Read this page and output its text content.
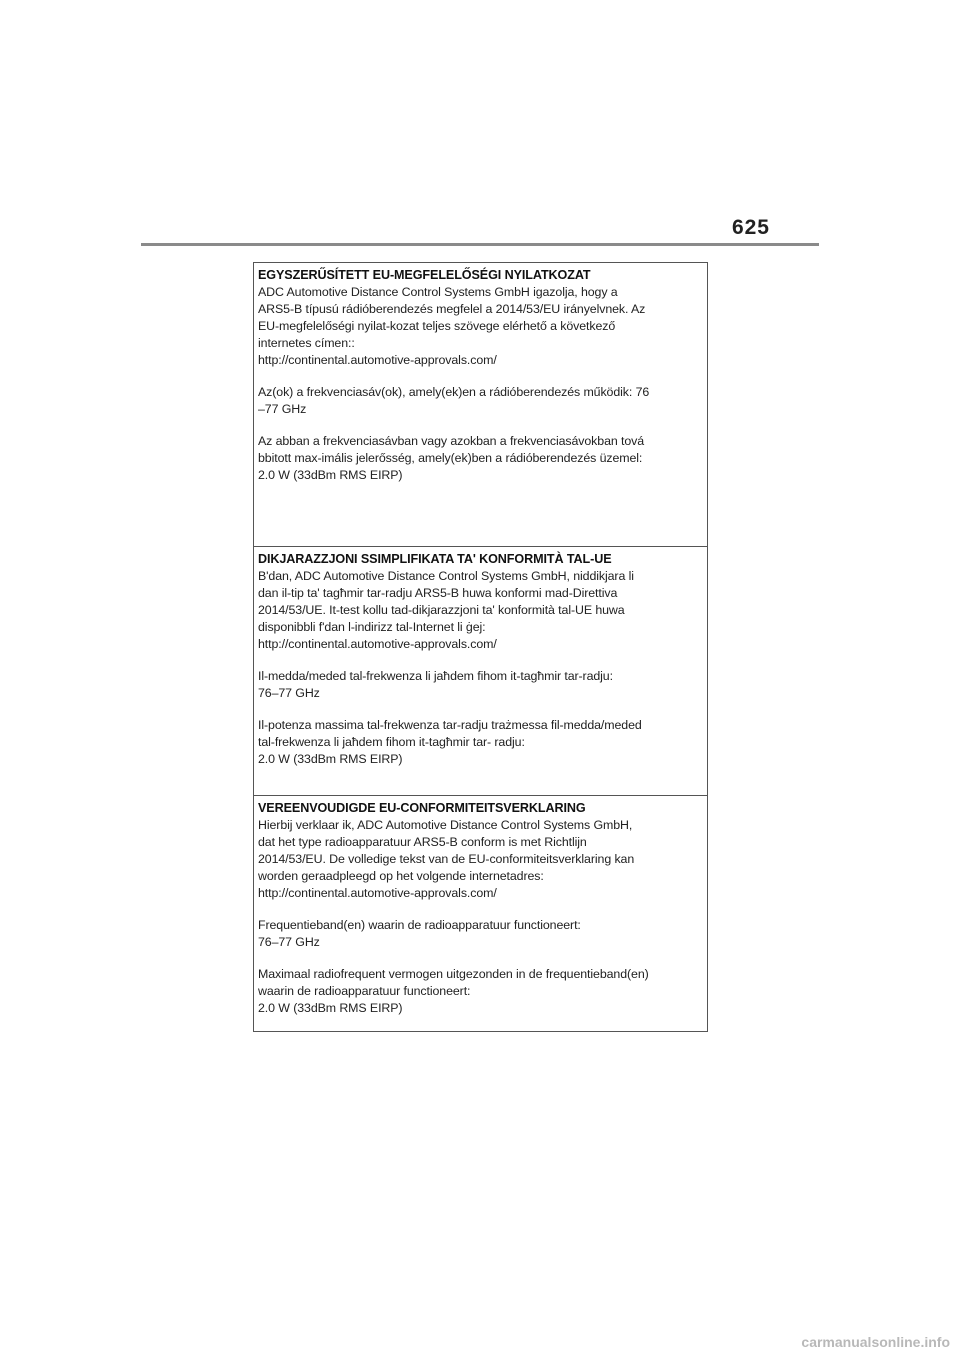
625
EGYSZERŰSÍTETT EU-MEGFELELŐSÉGI NYILATKOZAT

ADC Automotive Distance Control Systems GmbH igazolja, hogy a

ARS5-B típusú rádióberendezés megfelel a 2014/53/EU irányelvnek. Az

EU-megfelelőségi nyilat-kozat teljes szövege elérhető a következő

internetes címen::

http://continental.automotive-approvals.com/

Az(ok) a frekvenciasáv(ok), amely(ek)en a rádióberendezés működik: 76

–77 GHz

Az abban a frekvenciasávban vagy azokban a frekvenciasávokban tová

bbitott max-imális jelerősség, amely(ek)ben a rádióberendezés üzemel:

2.0 W (33dBm RMS EIRP)

DIKJARAZZJONI SSIMPLIFIKATA TA' KONFORMITÀ TAL-UE

B'dan, ADC Automotive Distance Control Systems GmbH, niddikjara li

dan il-tip ta' tagħmir tar-radju ARS5-B huwa konformi mad-Direttiva

2014/53/UE. It-test kollu tad-dikjarazzjoni ta' konformità tal-UE huwa

disponibbli f'dan l-indirizz tal-Internet li ġej:

http://continental.automotive-approvals.com/

Il-medda/meded tal-frekwenza li jaħdem fihom it-tagħmir tar-radju:

76–77 GHz

Il-potenza massima tal-frekwenza tar-radju trażmessa fil-medda/meded

tal-frekwenza li jaħdem fihom it-tagħmir tar- radju:

2.0 W (33dBm RMS EIRP)

VEREENVOUDIGDE EU-CONFORMITEITSVERKLARING

Hierbij verklaar ik, ADC Automotive Distance Control Systems GmbH,

dat het type radioapparatuur ARS5-B conform is met Richtlijn

2014/53/EU. De volledige tekst van de EU-conformiteitsverklaring kan

worden geraadpleegd op het volgende internetadres:

http://continental.automotive-approvals.com/

Frequentieband(en) waarin de radioapparatuur functioneert:

76–77 GHz

Maximaal radiofrequent vermogen uitgezonden in de frequentieband(en)

waarin de radioapparatuur functioneert:

2.0 W (33dBm RMS EIRP)

carmanualsonline.info
